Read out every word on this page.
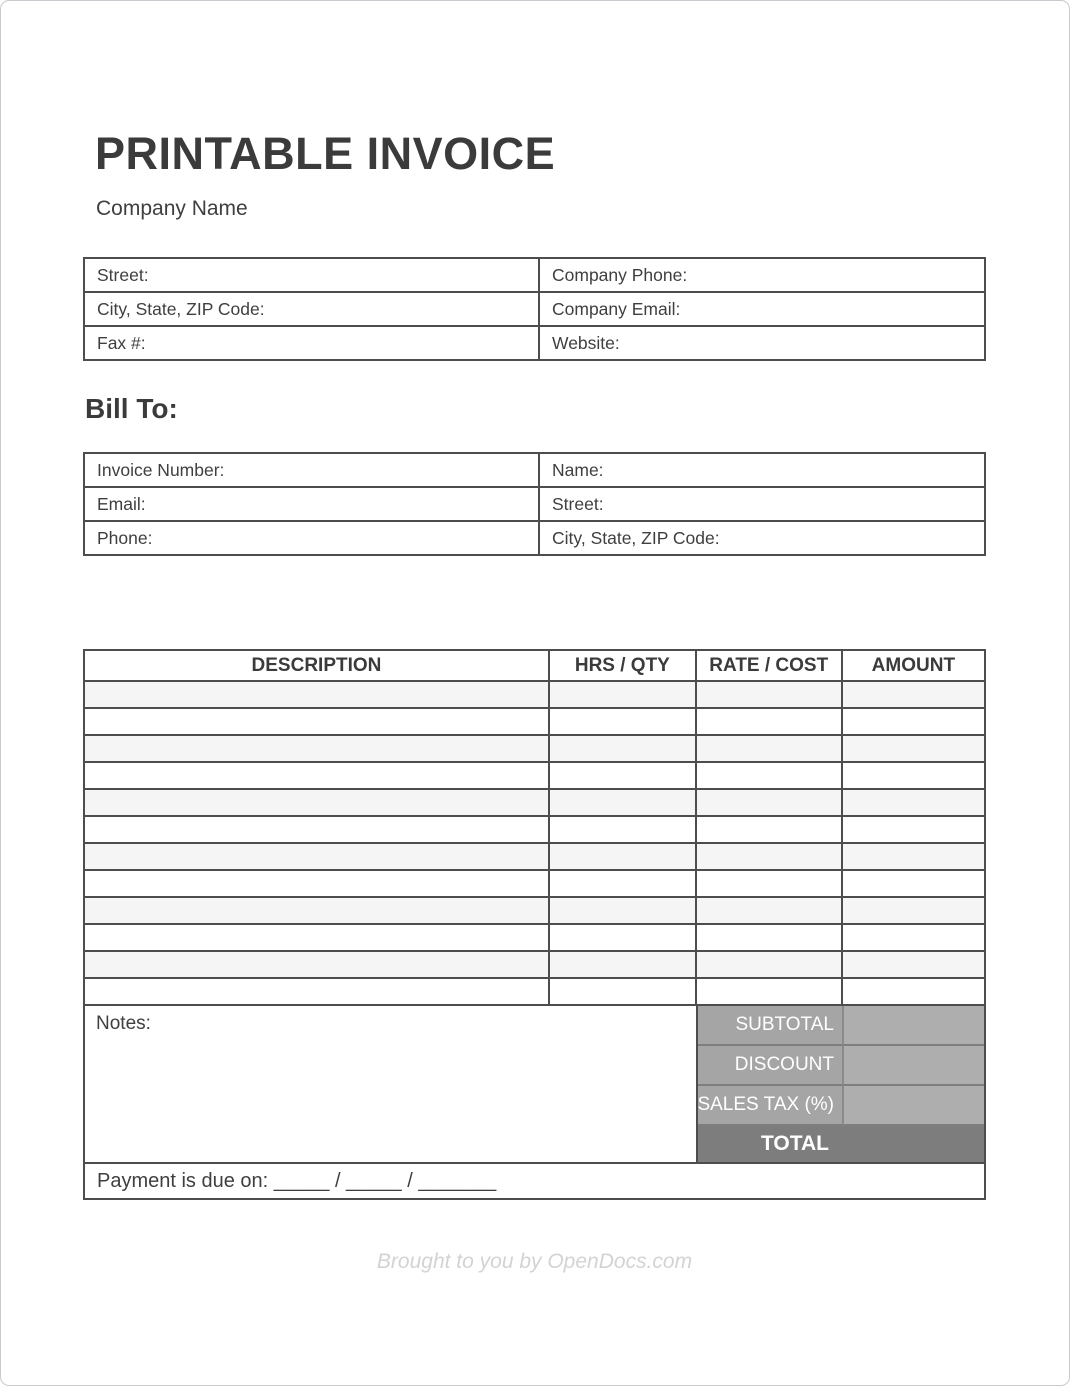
PRINTABLE INVOICE
Company Name
Street:	Company Phone:
City, State, ZIP Code:	Company Email:
Fax #:	Website:
Bill To:
Invoice Number:	Name:
Email:	Street:
Phone:	City, State, ZIP Code:
DESCRIPTION	HRS / QTY	RATE / COST	AMOUNT

Notes:	SUBTOTAL
DISCOUNT
SALES TAX (%)
TOTAL
Payment is due on: _____ / _____ / _______
Brought to you by OpenDocs.com
